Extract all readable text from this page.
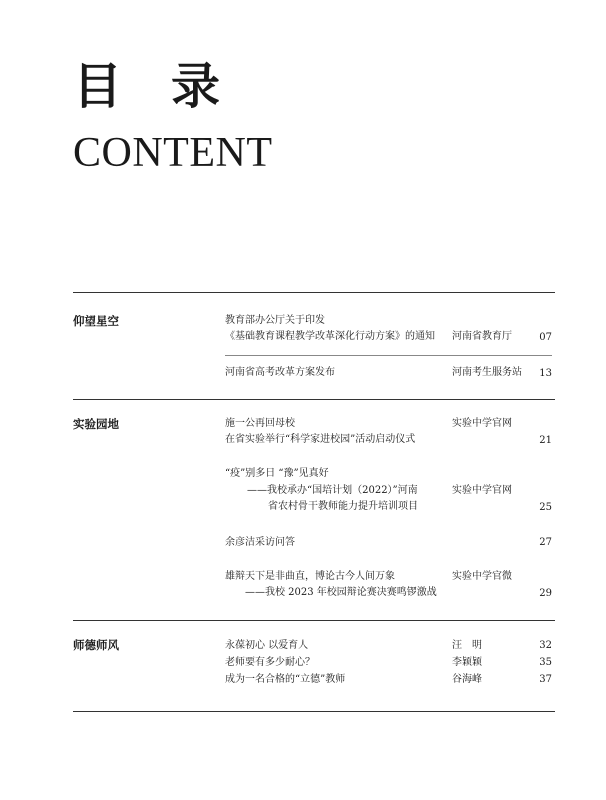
目 录
CONTENT
仰望星空	教育部办公厅关于印发
《基础教育课程教学改革深化行动方案》的通知 河南省教育厅	07
河南省高考改革方案发布	河南考生服务站	13
实验园地	施一公再回母校	实验中学官网
在省实验举行“科学家进校园”活动启动仪式	21
“疫”别多日 “豫”见真好
——我校承办“国培计划（2022）”河南	实验中学官网
省农村骨干教师能力提升培训项目	25
余彦洁采访问答	27
雄辩天下是非曲直，博论古今人间万象	实验中学官微
——我校 2023 年校园辩论赛决赛鸣锣激战	29
师德师风	永葆初心 以爱育人	汪　明	32
老师要有多少耐心？	李颖颖	35
成为一名合格的“立德”教师	谷海峰	37
